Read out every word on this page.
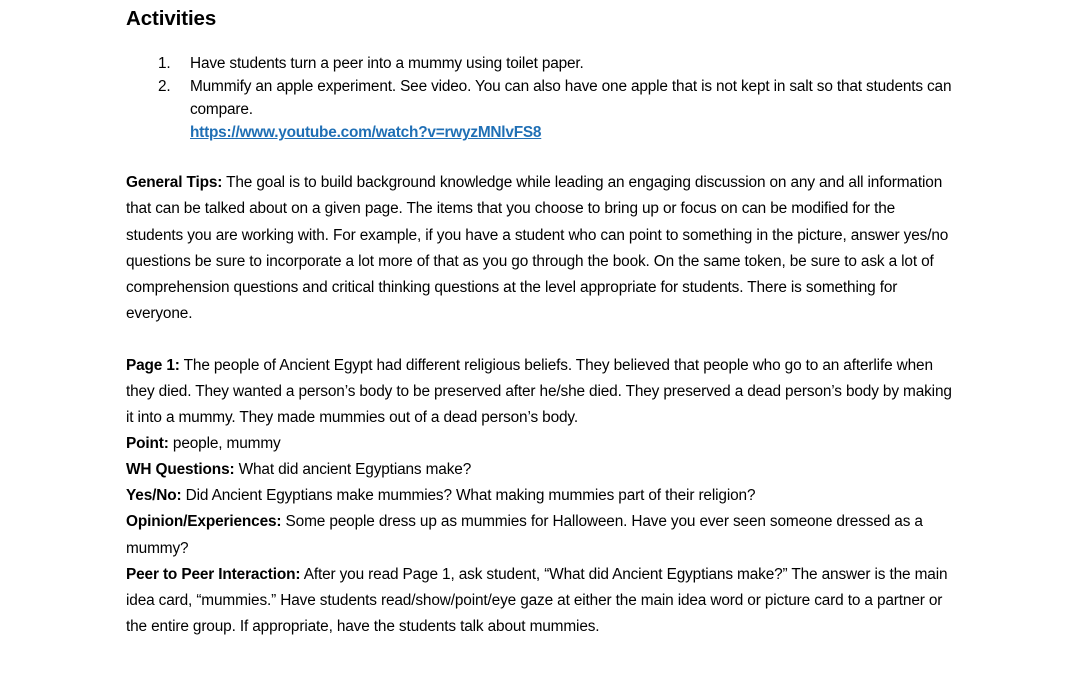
Activities
1.	Have students turn a peer into a mummy using toilet paper.
2.	Mummify an apple experiment. See video. You can also have one apple that is not kept in salt so that students can compare.
https://www.youtube.com/watch?v=rwyzMNlvFS8

General Tips: The goal is to build background knowledge while leading an engaging discussion on any and all information that can be talked about on a given page. The items that you choose to bring up or focus on can be modified for the students you are working with. For example, if you have a student who can point to something in the picture, answer yes/no questions be sure to incorporate a lot more of that as you go through the book. On the same token, be sure to ask a lot of comprehension questions and critical thinking questions at the level appropriate for students. There is something for everyone.

Page 1: The people of Ancient Egypt had different religious beliefs. They believed that people who go to an afterlife when they died. They wanted a person’s body to be preserved after he/she died. They preserved a dead person’s body by making it into a mummy. They made mummies out of a dead person’s body.

Point: people, mummy
WH Questions: What did ancient Egyptians make?
Yes/No: Did Ancient Egyptians make mummies? What making mummies part of their religion?
Opinion/Experiences: Some people dress up as mummies for Halloween. Have you ever seen someone dressed as a mummy?
Peer to Peer Interaction: After you read Page 1, ask student, “What did Ancient Egyptians make?” The answer is the main idea card, “mummies.” Have students read/show/point/eye gaze at either the main idea word or picture card to a partner or the entire group. If appropriate, have the students talk about mummies.
